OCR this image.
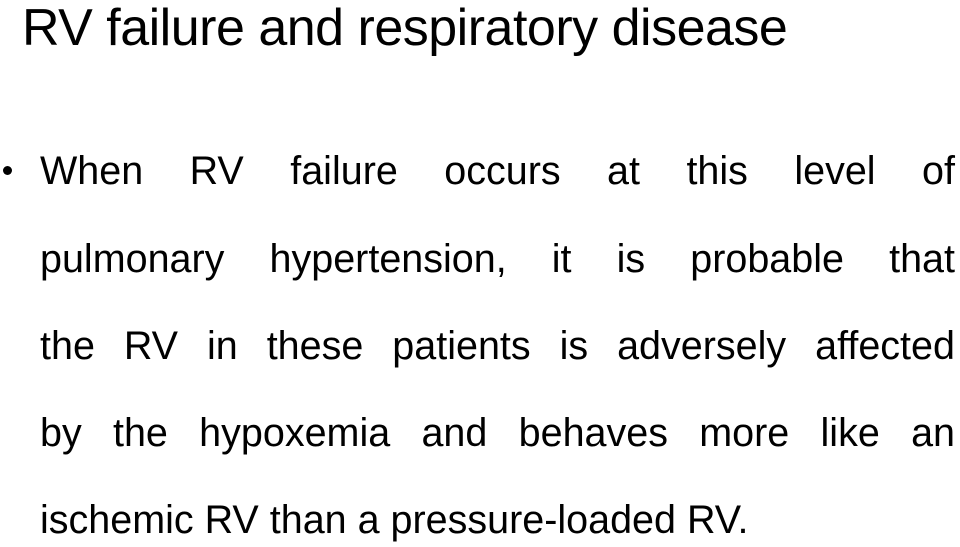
RV failure and respiratory disease
When RV failure occurs at this level of
pulmonary hypertension, it is probable that
the RV in these patients is adversely affected
by the hypoxemia and behaves more like an
ischemic RV than a pressure-loaded RV.
